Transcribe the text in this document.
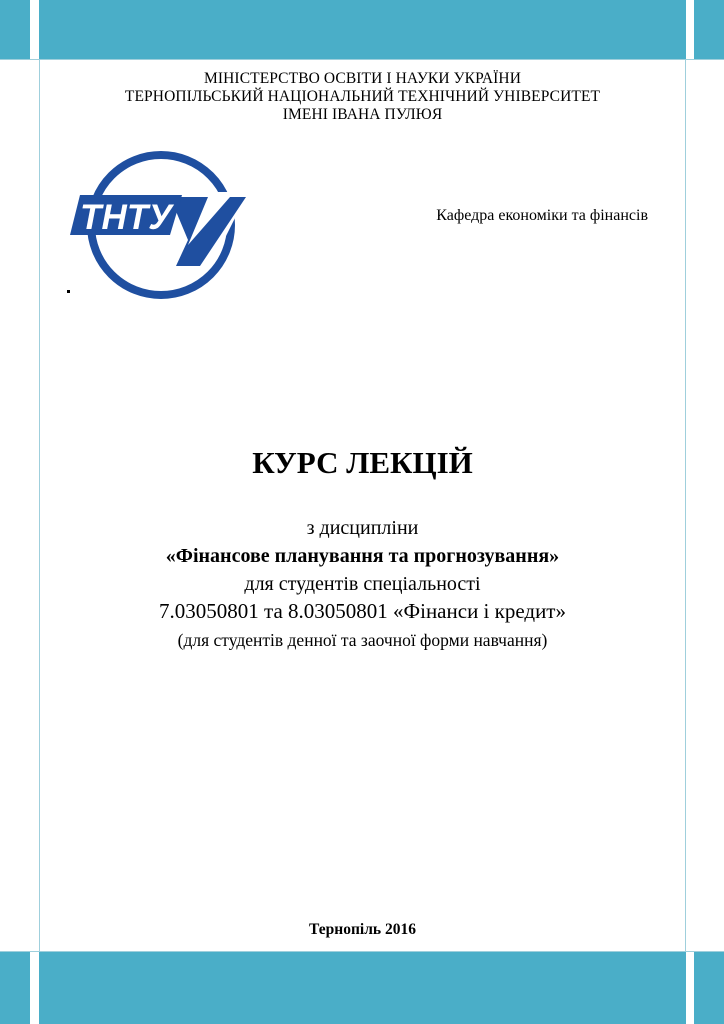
МІНІСТЕРСТВО ОСВІТИ І НАУКИ УКРАЇНИ
ТЕРНОПІЛЬСЬКИЙ НАЦІОНАЛЬНИЙ ТЕХНІЧНИЙ УНІВЕРСИТЕТ
ІМЕНІ ІВАНА ПУЛЮЯ
ТНТУ	Кафедра економіки та фінансів
КУРС ЛЕКЦІЙ
з дисципліни
«Фінансове планування та прогнозування»
для студентів спеціальності
7.03050801 та 8.03050801 «Фінанси і кредит»
(для студентів денної та заочної форми навчання)
Тернопіль 2016
